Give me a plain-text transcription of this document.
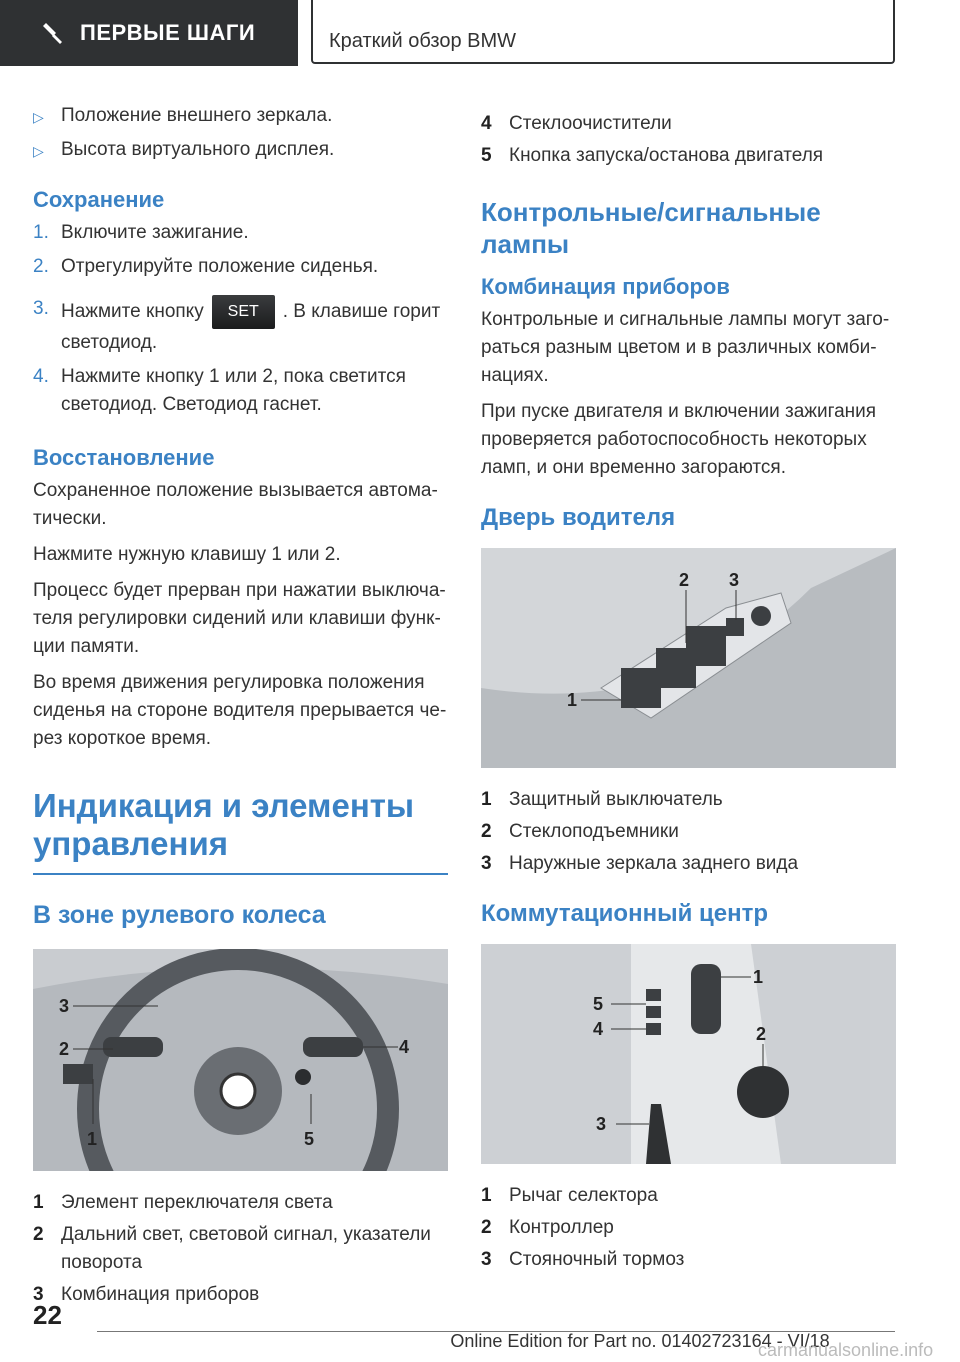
ПЕРВЫЕ ШАГИ	Краткий обзор BMW
▷ Положение внешнего зеркала.
▷ Высота виртуального дисплея.
Сохранение
1. Включите зажигание.
2. Отрегулируйте положение сиденья.
3. Нажмите кнопку SET . В клавише горит светодиод.
4. Нажмите кнопку 1 или 2, пока светится светодиод. Светодиод гаснет.
Восстановление

Сохраненное положение вызывается автома-тически.

Нажмите нужную клавишу 1 или 2.

Процесс будет прерван при нажатии выключа-теля регулировки сидений или клавиши функ-ции памяти.

Во время движения регулировка положения сиденья на стороне водителя прерывается че-рез короткое время.

Индикация и элементы управления
В зоне рулевого колеса
3
2	4
1	5
1 Элемент переключателя света
2 Дальний свет, световой сигнал, указатели поворота
3 Комбинация приборов
4 Стеклоочистители
5 Кнопка запуска/останова двигателя
Контрольные/сигнальные лампы
Комбинация приборов

Контрольные и сигнальные лампы могут заго-раться разным цветом и в различных комби-нациях.

При пуске двигателя и включении зажигания проверяется работоспособность некоторых ламп, и они временно загораются.

Дверь водителя
2 3
1
1 Защитный выключатель
2 Стеклоподъемники
3 Наружные зеркала заднего вида
Коммутационный центр
1
2
5
4
3
1 Рычаг селектора
2 Контроллер
3 Стояночный тормоз
22
Online Edition for Part no. 01402723164 - VI/18
carmanualsonline.info
